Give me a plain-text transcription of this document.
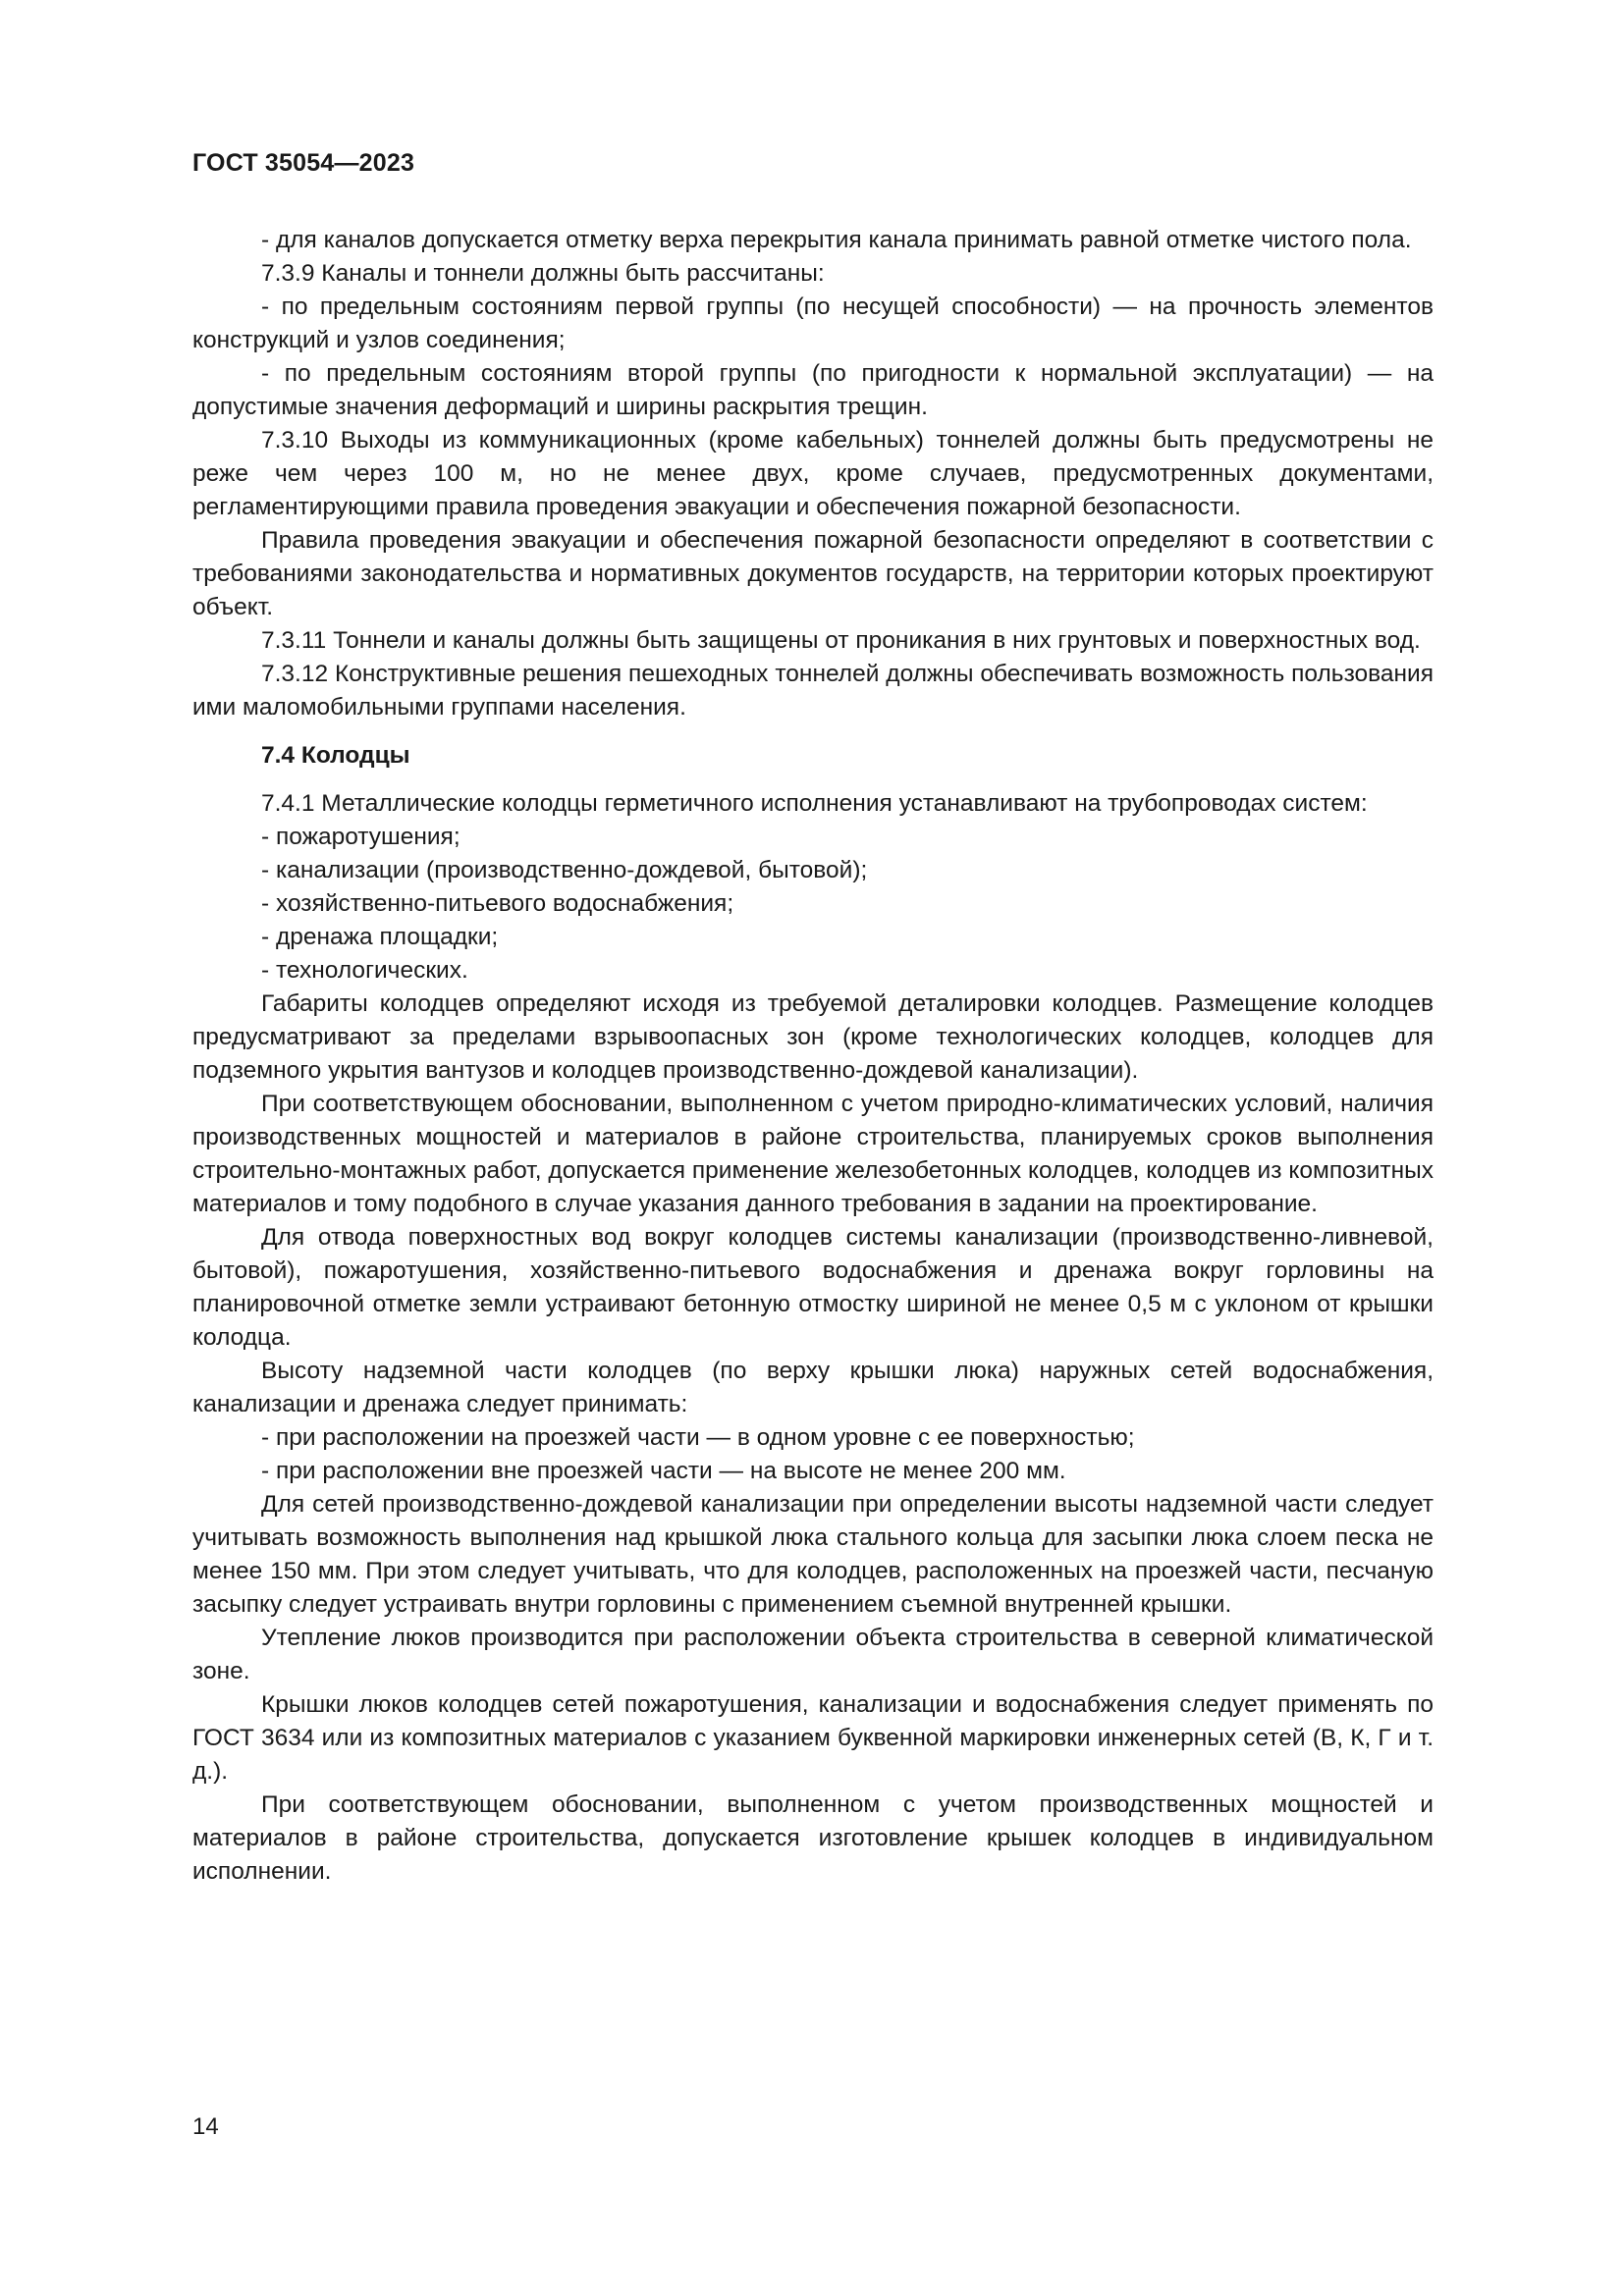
ГОСТ 35054—2023

- для каналов допускается отметку верха перекрытия канала принимать равной отметке чистого пола.

7.3.9 Каналы и тоннели должны быть рассчитаны:

- по предельным состояниям первой группы (по несущей способности) — на прочность элементов конструкций и узлов соединения;

- по предельным состояниям второй группы (по пригодности к нормальной эксплуатации) — на допустимые значения деформаций и ширины раскрытия трещин.

7.3.10 Выходы из коммуникационных (кроме кабельных) тоннелей должны быть предусмотрены не реже чем через 100 м, но не менее двух, кроме случаев, предусмотренных документами, регламентирующими правила проведения эвакуации и обеспечения пожарной безопасности.

Правила проведения эвакуации и обеспечения пожарной безопасности определяют в соответствии с требованиями законодательства и нормативных документов государств, на территории которых проектируют объект.

7.3.11 Тоннели и каналы должны быть защищены от проникания в них грунтовых и поверхностных вод.

7.3.12 Конструктивные решения пешеходных тоннелей должны обеспечивать возможность пользования ими маломобильными группами населения.

7.4 Колодцы

7.4.1 Металлические колодцы герметичного исполнения устанавливают на трубопроводах систем:

- пожаротушения;

- канализации (производственно-дождевой, бытовой);

- хозяйственно-питьевого водоснабжения;

- дренажа площадки;

- технологических.

Габариты колодцев определяют исходя из требуемой деталировки колодцев. Размещение колодцев предусматривают за пределами взрывоопасных зон (кроме технологических колодцев, колодцев для подземного укрытия вантузов и колодцев производственно-дождевой канализации).

При соответствующем обосновании, выполненном с учетом природно-климатических условий, наличия производственных мощностей и материалов в районе строительства, планируемых сроков выполнения строительно-монтажных работ, допускается применение железобетонных колодцев, колодцев из композитных материалов и тому подобного в случае указания данного требования в задании на проектирование.

Для отвода поверхностных вод вокруг колодцев системы канализации (производственно-ливневой, бытовой), пожаротушения, хозяйственно-питьевого водоснабжения и дренажа вокруг горловины на планировочной отметке земли устраивают бетонную отмостку шириной не менее 0,5 м с уклоном от крышки колодца.

Высоту надземной части колодцев (по верху крышки люка) наружных сетей водоснабжения, канализации и дренажа следует принимать:

- при расположении на проезжей части — в одном уровне с ее поверхностью;

- при расположении вне проезжей части — на высоте не менее 200 мм.

Для сетей производственно-дождевой канализации при определении высоты надземной части следует учитывать возможность выполнения над крышкой люка стального кольца для засыпки люка слоем песка не менее 150 мм. При этом следует учитывать, что для колодцев, расположенных на проезжей части, песчаную засыпку следует устраивать внутри горловины с применением съемной внутренней крышки.

Утепление люков производится при расположении объекта строительства в северной климатической зоне.

Крышки люков колодцев сетей пожаротушения, канализации и водоснабжения следует применять по ГОСТ 3634 или из композитных материалов с указанием буквенной маркировки инженерных сетей (В, К, Г и т. д.).

При соответствующем обосновании, выполненном с учетом производственных мощностей и материалов в районе строительства, допускается изготовление крышек колодцев в индивидуальном исполнении.

14
